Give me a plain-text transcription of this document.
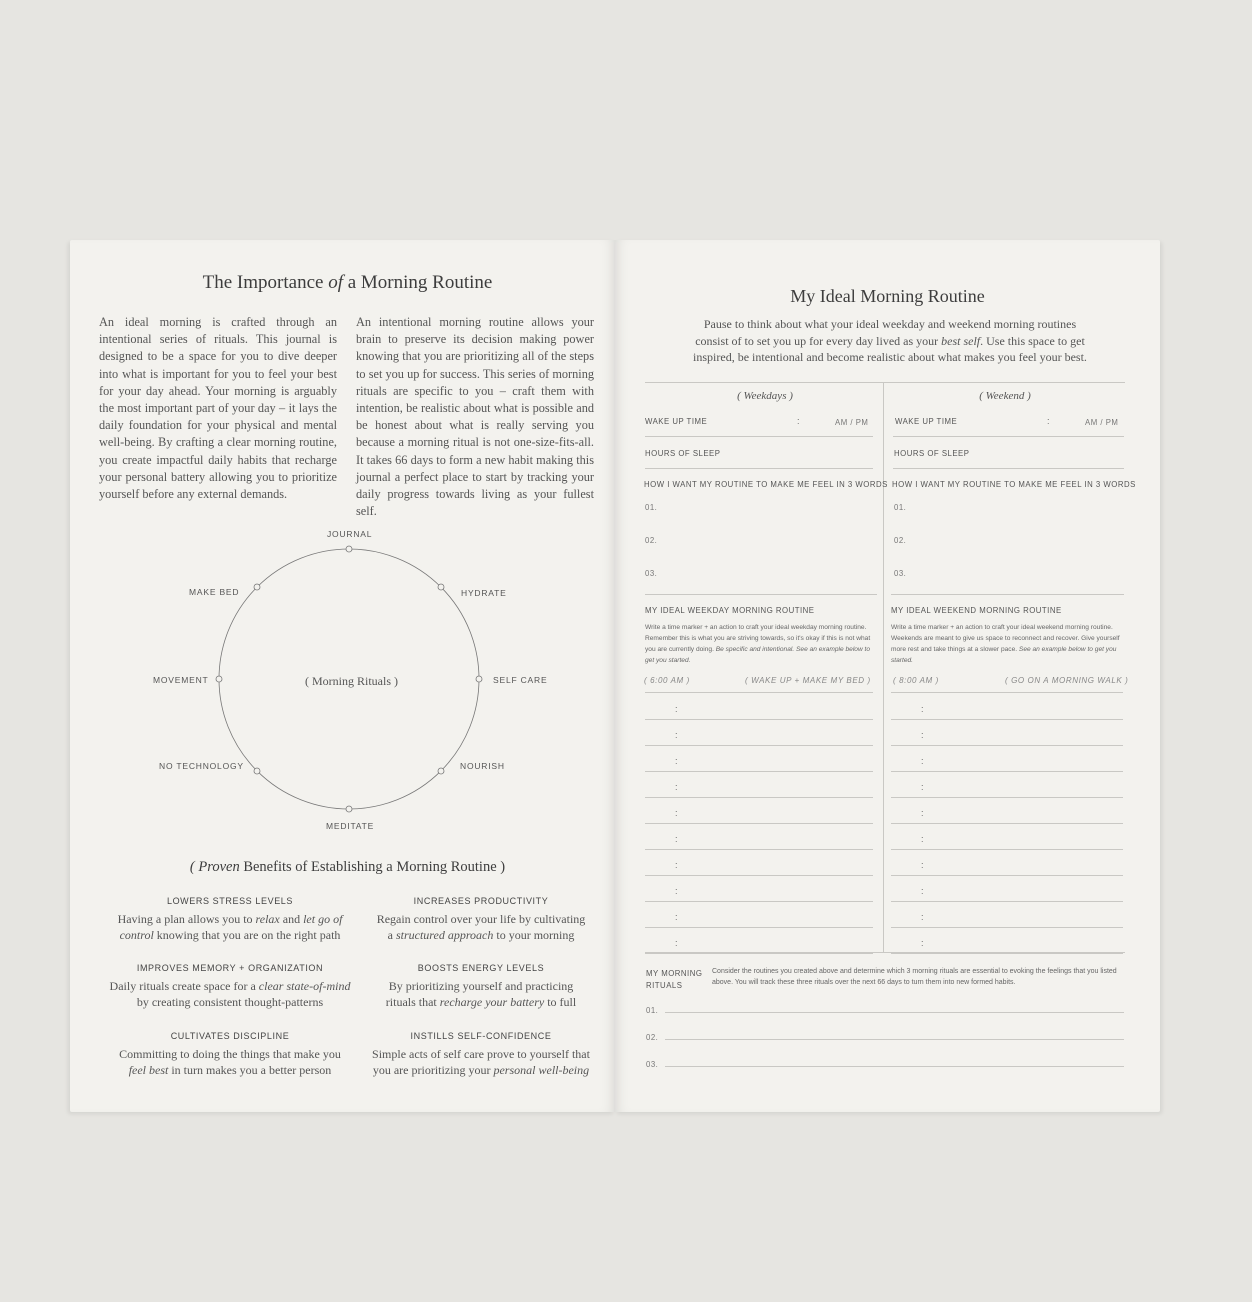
The Importance of a Morning Routine
An ideal morning is crafted through an intentional series of rituals. This journal is designed to be a space for you to dive deeper into what is important for you to feel your best for your day ahead. Your morning is arguably the most important part of your day – it lays the daily foundation for your physical and mental well-being. By crafting a clear morning routine, you create impactful daily habits that recharge your personal battery allowing you to prioritize yourself before any external demands.
An intentional morning routine allows your brain to preserve its decision making power knowing that you are prioritizing all of the steps to set you up for success. This series of morning rituals are specific to you – craft them with intention, be realistic about what is possible and be honest about what is really serving you because a morning ritual is not one-size-fits-all. It takes 66 days to form a new habit making this journal a perfect place to start by tracking your daily progress towards living as your fullest self.
( Morning Rituals )
JOURNAL
HYDRATE
SELF CARE
NOURISH
MEDITATE
NO TECHNOLOGY
MOVEMENT
MAKE BED
( Proven Benefits of Establishing a Morning Routine )
LOWERS STRESS LEVELS
Having a plan allows you to relax and let go of
control knowing that you are on the right path
INCREASES PRODUCTIVITY
Regain control over your life by cultivating
a structured approach to your morning
IMPROVES MEMORY + ORGANIZATION
Daily rituals create space for a clear state-of-mind
by creating consistent thought-patterns
BOOSTS ENERGY LEVELS
By prioritizing yourself and practicing
rituals that recharge your battery to full
CULTIVATES DISCIPLINE
Committing to doing the things that make you
feel best in turn makes you a better person
INSTILLS SELF-CONFIDENCE
Simple acts of self care prove to yourself that
you are prioritizing your personal well-being
My Ideal Morning Routine
Pause to think about what your ideal weekday and weekend morning routines
consist of to set you up for every day lived as your best self. Use this space to get
inspired, be intentional and become realistic about what makes you feel your best.
( Weekdays )
WAKE UP TIME	:	AM / PM
HOURS OF SLEEP
HOW I WANT MY ROUTINE TO MAKE ME FEEL IN 3 WORDS
01.
02.
03.
MY IDEAL WEEKDAY MORNING ROUTINE
Write a time marker + an action to craft your ideal weekday morning routine. Remember this is what you are striving towards, so it's okay if this is not what you are currently doing. Be specific and intentional. See an example below to get you started.
( 6:00 AM )	( WAKE UP + MAKE MY BED )
( Weekend )
WAKE UP TIME	:	AM / PM
HOURS OF SLEEP
HOW I WANT MY ROUTINE TO MAKE ME FEEL IN 3 WORDS
01.
02.
03.
MY IDEAL WEEKEND MORNING ROUTINE
Write a time marker + an action to craft your ideal weekend morning routine. Weekends are meant to give us space to reconnect and recover. Give yourself more rest and take things at a slower pace. See an example below to get you started.
( 8:00 AM )	( GO ON A MORNING WALK )
:	:
:	:
:	:
:	:
:	:
:	:
:	:
:	:
:	:
:	:
MY MORNING
RITUALS
Consider the routines you created above and determine which 3 morning rituals are essential to evoking the feelings that you listed above. You will track these three rituals over the next 66 days to turn them into new formed habits.
01.
02.
03.
